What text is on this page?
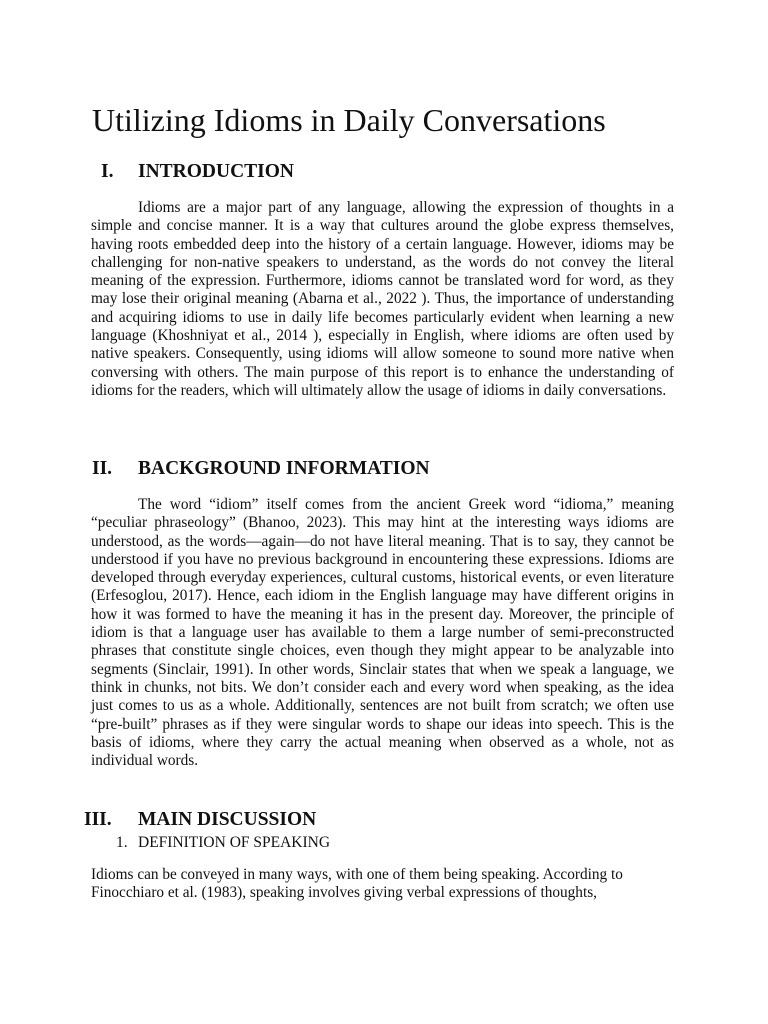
Utilizing Idioms in Daily Conversations
I. INTRODUCTION

Idioms are a major part of any language, allowing the expression of thoughts in a simple and concise manner. It is a way that cultures around the globe express themselves, having roots embedded deep into the history of a certain language. However, idioms may be challenging for non-native speakers to understand, as the words do not convey the literal meaning of the expression. Furthermore, idioms cannot be translated word for word, as they may lose their original meaning (Abarna et al., 2022 ). Thus, the importance of understanding and acquiring idioms to use in daily life becomes particularly evident when learning a new language (Khoshniyat et al., 2014 ), especially in English, where idioms are often used by native speakers. Consequently, using idioms will allow someone to sound more native when conversing with others. The main purpose of this report is to enhance the understanding of idioms for the readers, which will ultimately allow the usage of idioms in daily conversations.

II. BACKGROUND INFORMATION

The word “idiom” itself comes from the ancient Greek word “idioma,” meaning “peculiar phraseology” (Bhanoo, 2023). This may hint at the interesting ways idioms are understood, as the words—again—do not have literal meaning. That is to say, they cannot be understood if you have no previous background in encountering these expressions. Idioms are developed through everyday experiences, cultural customs, historical events, or even literature (Erfesoglou, 2017). Hence, each idiom in the English language may have different origins in how it was formed to have the meaning it has in the present day. Moreover, the principle of idiom is that a language user has available to them a large number of semi-preconstructed phrases that constitute single choices, even though they might appear to be analyzable into segments (Sinclair, 1991). In other words, Sinclair states that when we speak a language, we think in chunks, not bits. We don’t consider each and every word when speaking, as the idea just comes to us as a whole. Additionally, sentences are not built from scratch; we often use “pre-built” phrases as if they were singular words to shape our ideas into speech. This is the basis of idioms, where they carry the actual meaning when observed as a whole, not as individual words.

III. MAIN DISCUSSION
1. DEFINITION OF SPEAKING

Idioms can be conveyed in many ways, with one of them being speaking. According to Finocchiaro et al. (1983), speaking involves giving verbal expressions of thoughts,
